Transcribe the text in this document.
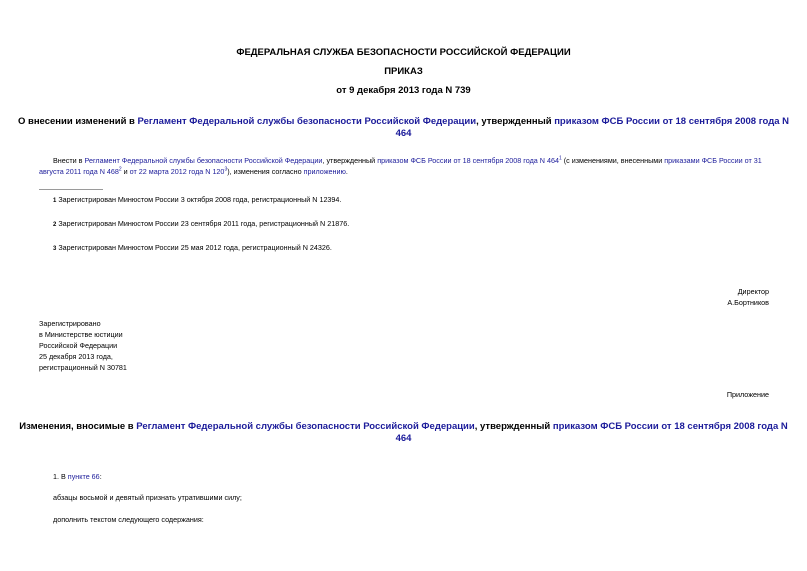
ФЕДЕРАЛЬНАЯ СЛУЖБА БЕЗОПАСНОСТИ РОССИЙСКОЙ ФЕДЕРАЦИИ
ПРИКАЗ
от 9 декабря 2013 года N 739
О внесении изменений в Регламент Федеральной службы безопасности Российской Федерации, утвержденный приказом ФСБ России от 18 сентября 2008 года N
464
Внести в Регламент Федеральной службы безопасности Российской Федерации, утвержденный приказом ФСБ России от 18 сентября 2008 года N $464^1$ (с изменениями, внесенными приказами ФСБ России от 31
августа 2011 года N $468^2$ и от 22 марта 2012 года N $120^3$), изменения согласно приложению.
1 Зарегистрирован Минюстом России 3 октября 2008 года, регистрационный N 12394.
2 Зарегистрирован Минюстом России 23 сентября 2011 года, регистрационный N 21876.
3 Зарегистрирован Минюстом России 25 мая 2012 года, регистрационный N 24326.
Директор
А.Бортников
Зарегистрировано
в Министерстве юстиции
Российской Федерации
25 декабря 2013 года,
регистрационный N 30781
Приложение
Изменения, вносимые в Регламент Федеральной службы безопасности Российской Федерации, утвержденный приказом ФСБ России от 18 сентября 2008 года N
464
1. В пункте 66:
абзацы восьмой и девятый признать утратившими силу;
дополнить текстом следующего содержания:
